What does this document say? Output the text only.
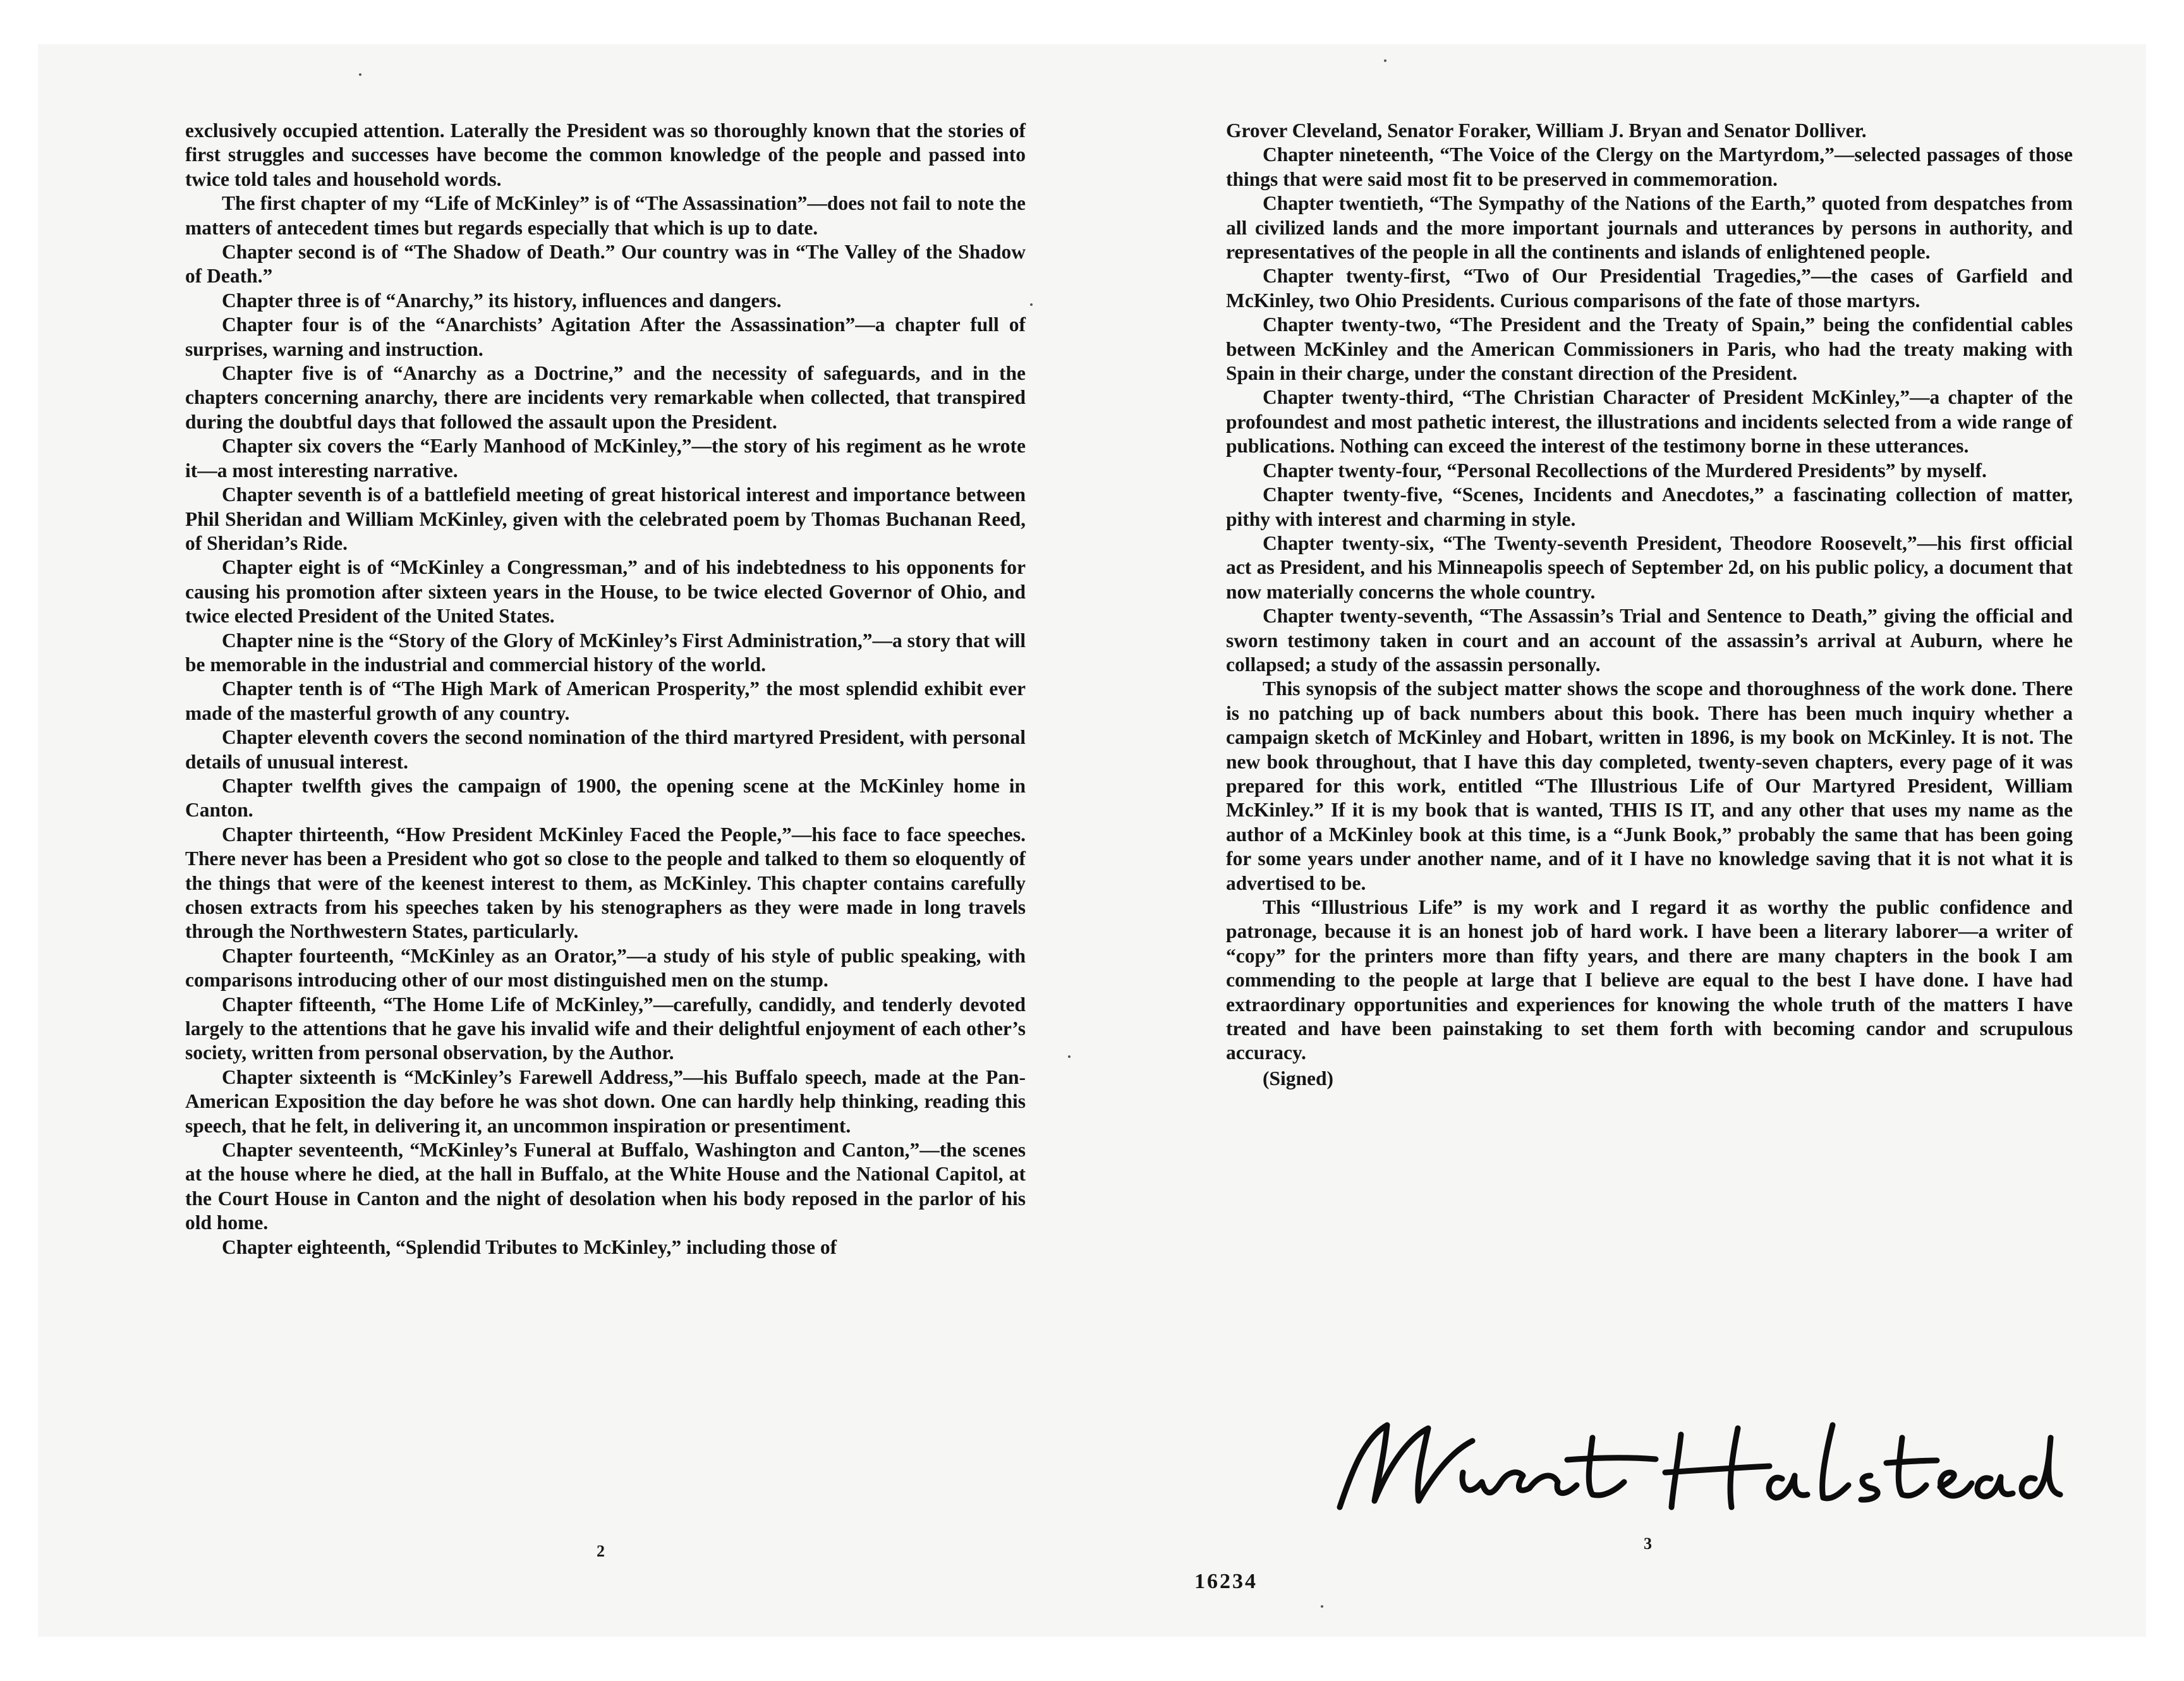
exclusively occupied attention. Laterally the President was so thoroughly known that the stories of first struggles and successes have become the common knowledge of the people and passed into twice told tales and household words.

The first chapter of my “Life of McKinley” is of “The Assassination”—does not fail to note the matters of antecedent times but regards especially that which is up to date.

Chapter second is of “The Shadow of Death.” Our country was in “The Valley of the Shadow of Death.”

Chapter three is of “Anarchy,” its history, influences and dangers.

Chapter four is of the “Anarchists’ Agitation After the Assassination”—a chapter full of surprises, warning and instruction.

Chapter five is of “Anarchy as a Doctrine,” and the necessity of safeguards, and in the chapters concerning anarchy, there are incidents very remarkable when collected, that transpired during the doubtful days that followed the assault upon the President.

Chapter six covers the “Early Manhood of McKinley,”—the story of his regiment as he wrote it—a most interesting narrative.

Chapter seventh is of a battlefield meeting of great historical interest and importance between Phil Sheridan and William McKinley, given with the celebrated poem by Thomas Buchanan Reed, of Sheridan’s Ride.

Chapter eight is of “McKinley a Congressman,” and of his indebtedness to his opponents for causing his promotion after sixteen years in the House, to be twice elected Governor of Ohio, and twice elected President of the United States.

Chapter nine is the “Story of the Glory of McKinley’s First Administration,”—a story that will be memorable in the industrial and commercial history of the world.

Chapter tenth is of “The High Mark of American Prosperity,” the most splendid exhibit ever made of the masterful growth of any country.

Chapter eleventh covers the second nomination of the third martyred President, with personal details of unusual interest.

Chapter twelfth gives the campaign of 1900, the opening scene at the McKinley home in Canton.

Chapter thirteenth, “How President McKinley Faced the People,”—his face to face speeches. There never has been a President who got so close to the people and talked to them so eloquently of the things that were of the keenest interest to them, as McKinley. This chapter contains carefully chosen extracts from his speeches taken by his stenographers as they were made in long travels through the Northwestern States, particularly.

Chapter fourteenth, “McKinley as an Orator,”—a study of his style of public speaking, with comparisons introducing other of our most distinguished men on the stump.

Chapter fifteenth, “The Home Life of McKinley,”—carefully, candidly, and tenderly devoted largely to the attentions that he gave his invalid wife and their delightful enjoyment of each other’s society, written from personal observation, by the Author.

Chapter sixteenth is “McKinley’s Farewell Address,”—his Buffalo speech, made at the Pan-American Exposition the day before he was shot down. One can hardly help thinking, reading this speech, that he felt, in delivering it, an uncommon inspiration or presentiment.

Chapter seventeenth, “McKinley’s Funeral at Buffalo, Washington and Canton,”—the scenes at the house where he died, at the hall in Buffalo, at the White House and the National Capitol, at the Court House in Canton and the night of desolation when his body reposed in the parlor of his old home.

Chapter eighteenth, “Splendid Tributes to McKinley,” including those of

2

Grover Cleveland, Senator Foraker, William J. Bryan and Senator Dolliver.

Chapter nineteenth, “The Voice of the Clergy on the Martyrdom,”—selected passages of those things that were said most fit to be preserved in commemoration.

Chapter twentieth, “The Sympathy of the Nations of the Earth,” quoted from despatches from all civilized lands and the more important journals and utterances by persons in authority, and representatives of the people in all the continents and islands of enlightened people.

Chapter twenty-first, “Two of Our Presidential Tragedies,”—the cases of Garfield and McKinley, two Ohio Presidents. Curious comparisons of the fate of those martyrs.

Chapter twenty-two, “The President and the Treaty of Spain,” being the confidential cables between McKinley and the American Commissioners in Paris, who had the treaty making with Spain in their charge, under the constant direction of the President.

Chapter twenty-third, “The Christian Character of President McKinley,”—a chapter of the profoundest and most pathetic interest, the illustrations and incidents selected from a wide range of publications. Nothing can exceed the interest of the testimony borne in these utterances.

Chapter twenty-four, “Personal Recollections of the Murdered Presidents” by myself.

Chapter twenty-five, “Scenes, Incidents and Anecdotes,” a fascinating collection of matter, pithy with interest and charming in style.

Chapter twenty-six, “The Twenty-seventh President, Theodore Roosevelt,”—his first official act as President, and his Minneapolis speech of September 2d, on his public policy, a document that now materially concerns the whole country.

Chapter twenty-seventh, “The Assassin’s Trial and Sentence to Death,” giving the official and sworn testimony taken in court and an account of the assassin’s arrival at Auburn, where he collapsed; a study of the assassin personally.

This synopsis of the subject matter shows the scope and thoroughness of the work done. There is no patching up of back numbers about this book. There has been much inquiry whether a campaign sketch of McKinley and Hobart, written in 1896, is my book on McKinley. It is not. The new book throughout, that I have this day completed, twenty-seven chapters, every page of it was prepared for this work, entitled “The Illustrious Life of Our Martyred President, William McKinley.” If it is my book that is wanted, THIS IS IT, and any other that uses my name as the author of a McKinley book at this time, is a “Junk Book,” probably the same that has been going for some years under another name, and of it I have no knowledge saving that it is not what it is advertised to be.

This “Illustrious Life” is my work and I regard it as worthy the public confidence and patronage, because it is an honest job of hard work. I have been a literary laborer—a writer of “copy” for the printers more than fifty years, and there are many chapters in the book I am commending to the people at large that I believe are equal to the best I have done. I have had extraordinary opportunities and experiences for knowing the whole truth of the matters I have treated and have been painstaking to set them forth with becoming candor and scrupulous accuracy.

(Signed)

3
16234
